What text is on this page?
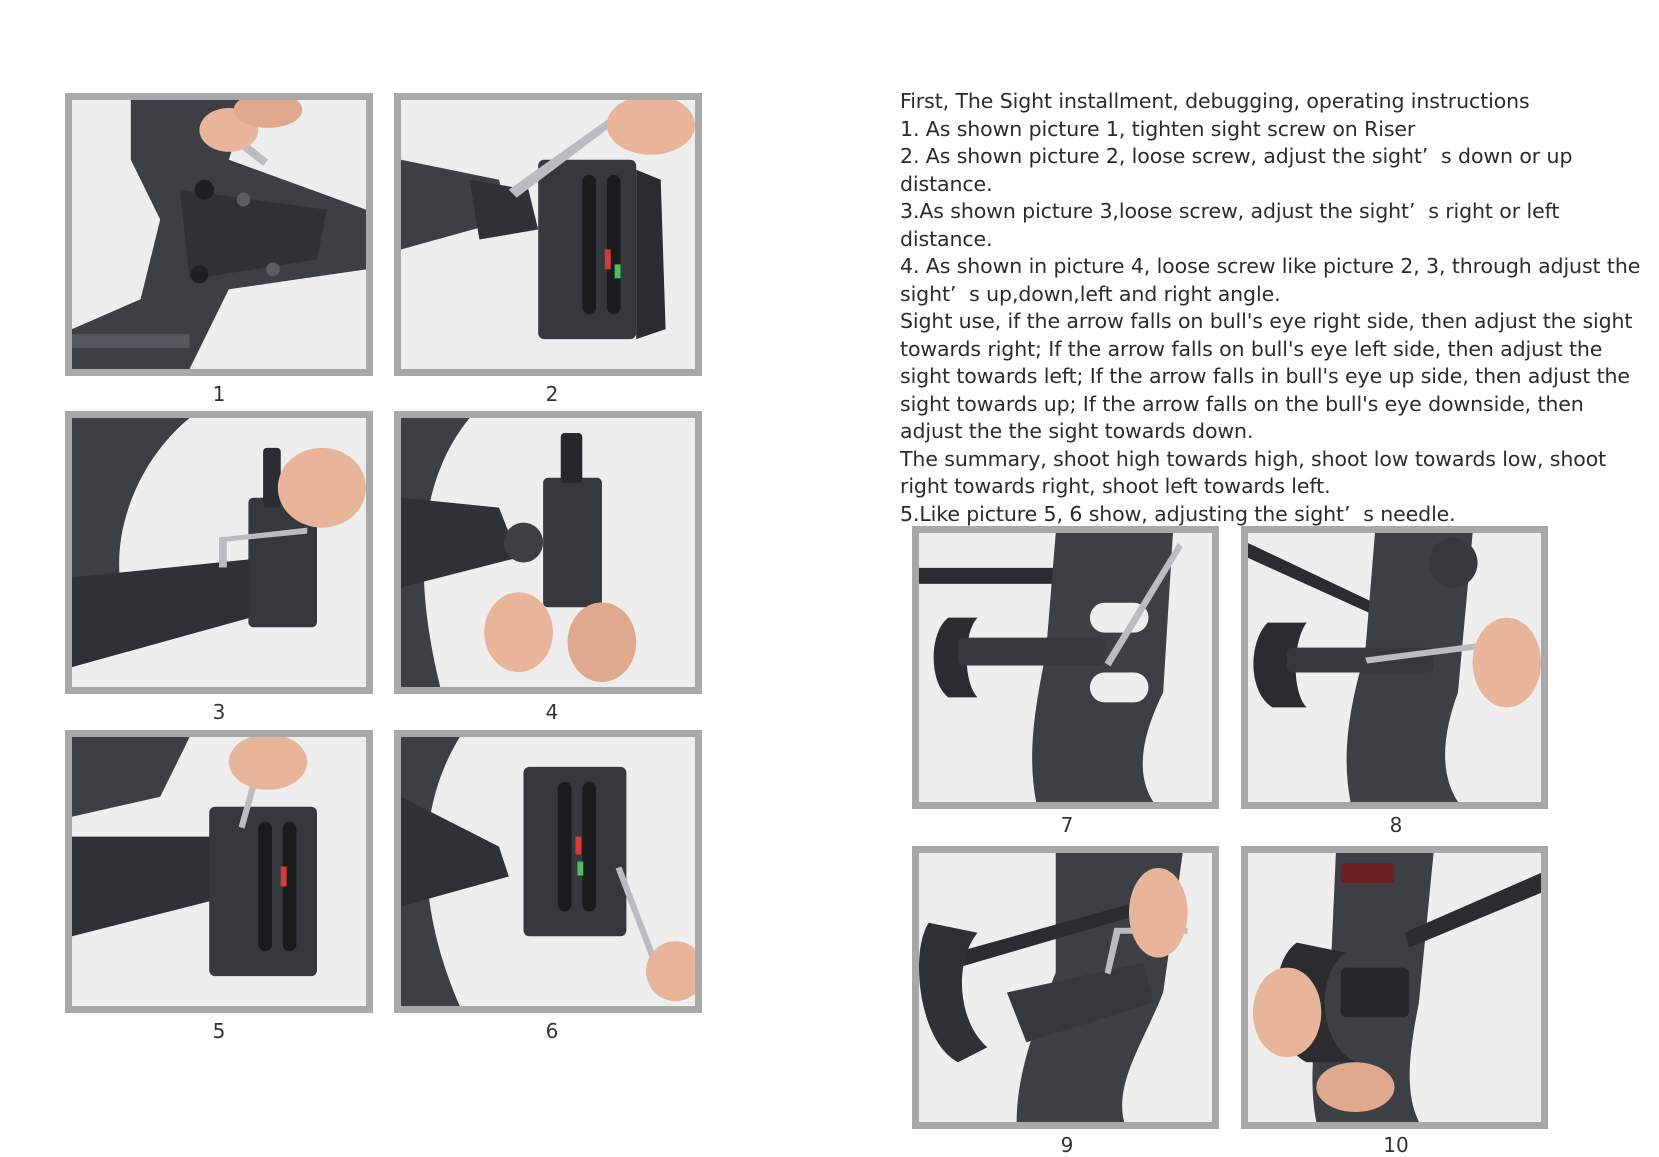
First, The Sight installment, debugging, operating instructions

1. As shown picture 1, tighten sight screw on Riser

2. As shown picture 2, loose screw, adjust the sight’  s down or up distance.

3.As shown picture 3,loose screw, adjust the sight’  s right or left distance.

4. As shown in picture 4, loose screw like picture 2, 3, through adjust the sight’  s up,down,left and right angle.

Sight use, if the arrow falls on bull's eye right side, then adjust the sight towards right; If the arrow falls on bull's eye left side, then adjust the sight towards left; If the arrow falls in bull's eye up side, then adjust the sight towards up; If the arrow falls on the bull's eye downside, then adjust the the sight towards down.

The summary, shoot high towards high, shoot low towards low, shoot right towards right, shoot left towards left.

5.Like picture 5, 6 show, adjusting the sight’  s needle.

1	2
3	4
5	6
7	8
9	10
